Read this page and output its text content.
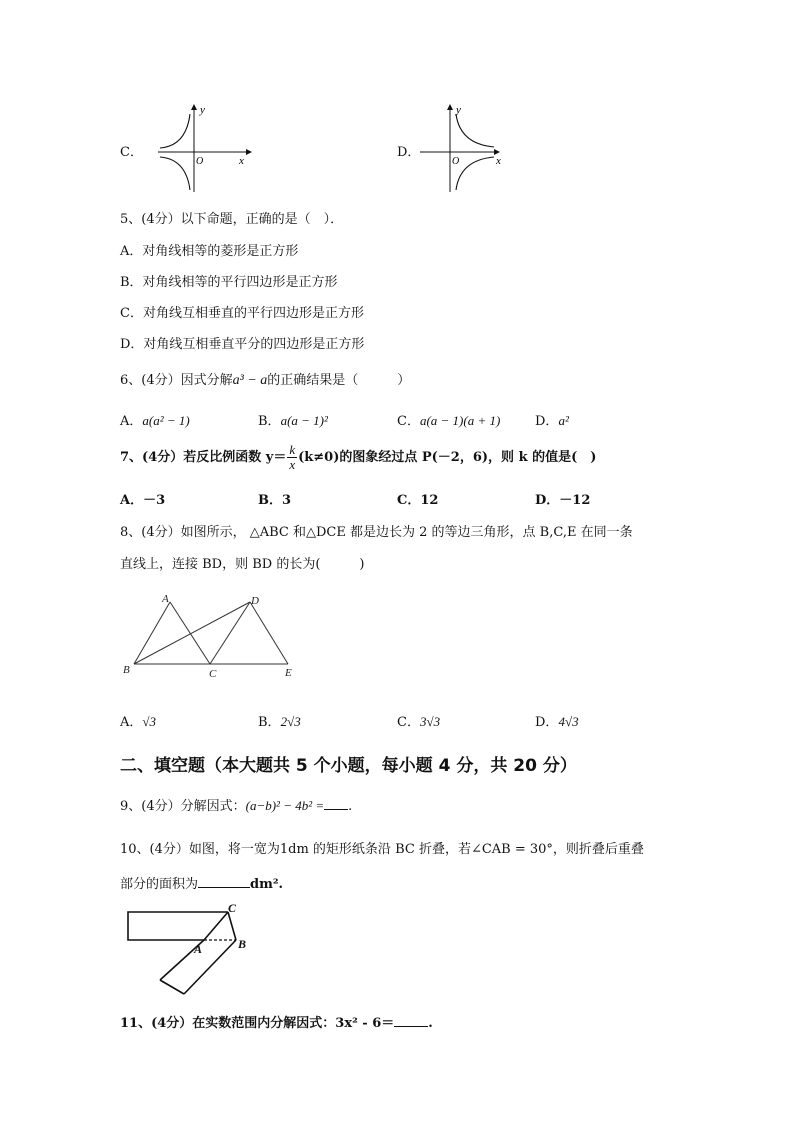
C．
y
x
O
D．
y
x
O
5、(4分）以下命题，正确的是（　）．
A．对角线相等的菱形是正方形
B．对角线相等的平行四边形是正方形
C．对角线互相垂直的平行四边形是正方形
D．对角线互相垂直平分的四边形是正方形
6、(4分）因式分解a³ − a的正确结果是（　　　）
A．a(a² − 1)	B．a(a − 1)²	C．a(a − 1)(a + 1)	D．a²
7、(4分）若反比例函数 $y= \frac{k}{x} (k\ne 0)$的图象经过点 P(－2，6)，则 k 的值是(　)
A．－3	B．3	C．12	D．－12
8、(4分）如图所示， △ABC 和△DCE 都是边长为 2 的等边三角形，点 B,C,E 在同一条
直线上，连接 BD，则 BD 的长为(　　　)
A
B	C
D
E
A．√3	B．2√3	C．3√3	D．4√3
二、填空题（本大题共 5 个小题，每小题 4 分，共 20 分）
9、(4分）分解因式：(a−b)² − 4b² = .
10、(4分）如图，将一宽为1dm 的矩形纸条沿 BC 折叠，若∠CAB = 30°，则折叠后重叠
部分的面积为	dm².
A	B
C
11、(4分）在实数范围内分解因式：3x² - 6＝	.
